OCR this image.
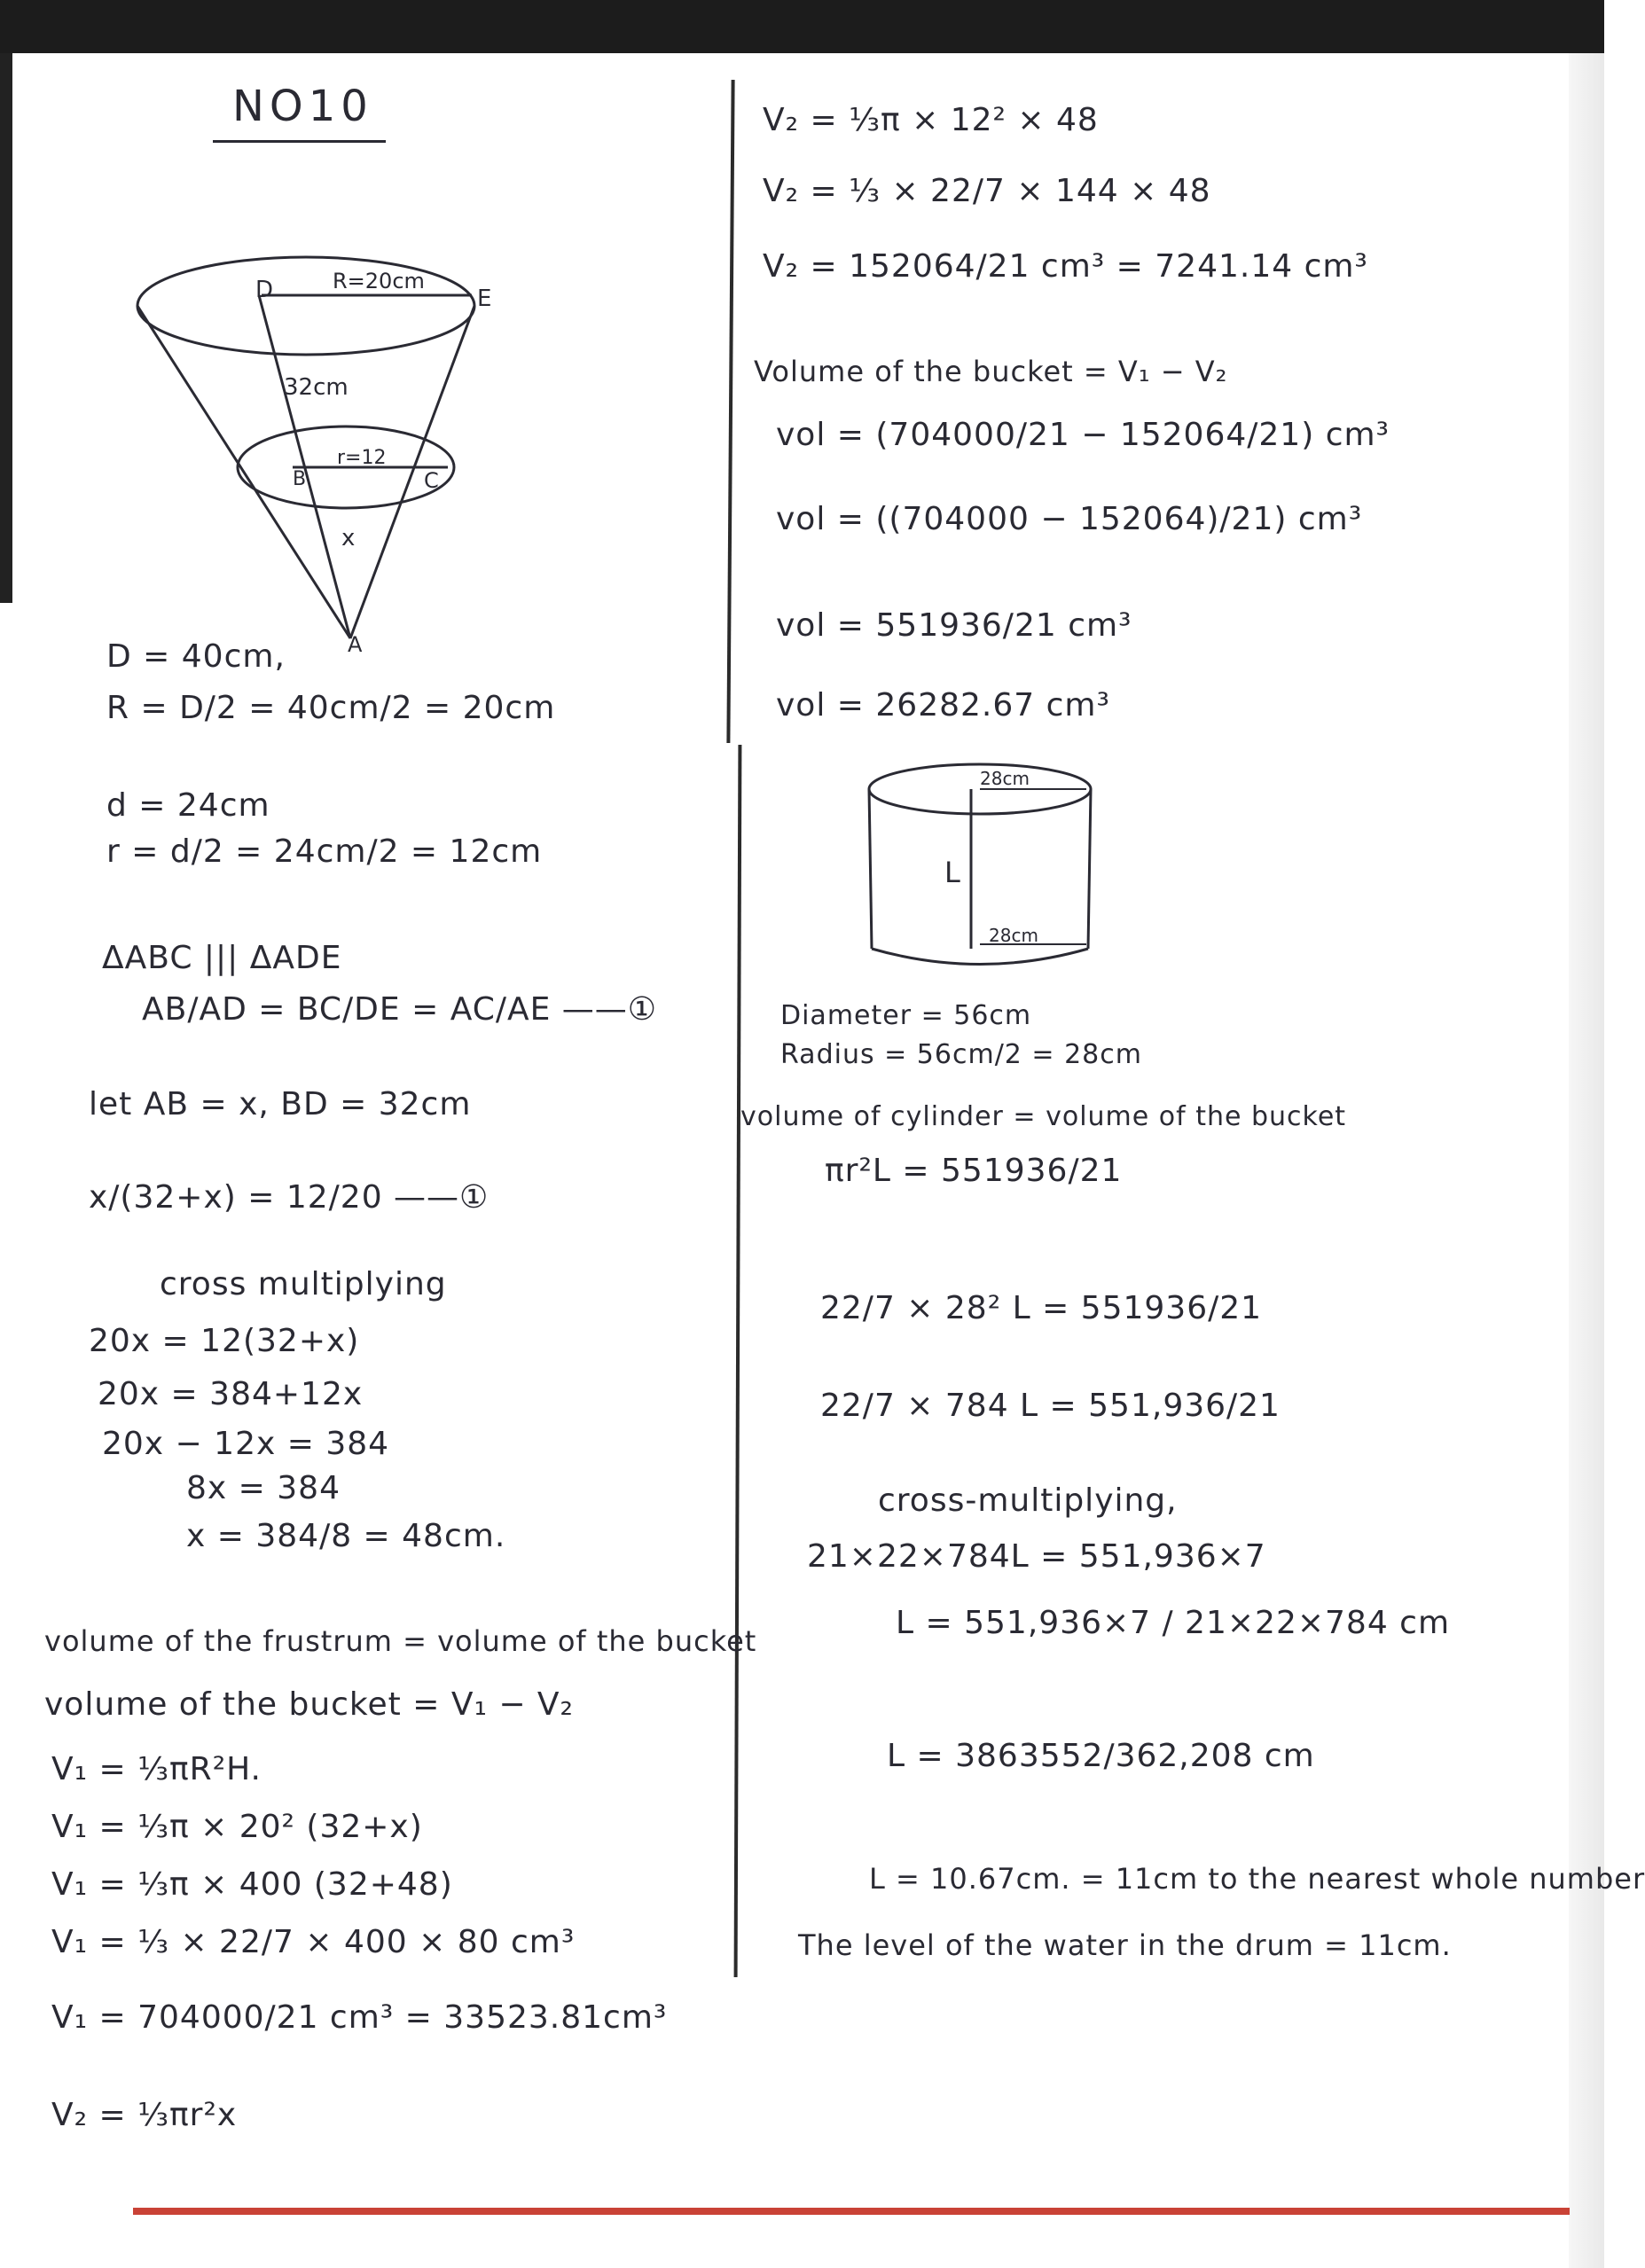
NO10
D	R=20cm
E
32cm
B
r=12
C
x
A
D = 40cm,
R = D/2 = 40cm/2 = 20cm
d = 24cm
r = d/2 = 24cm/2 = 12cm
ΔABC ||| ΔADE
AB/AD = BC/DE = AC/AE ——①
let AB = x, BD = 32cm
x/(32+x) = 12/20 ——①
cross multiplying
20x = 12(32+x)
20x = 384+12x
20x − 12x = 384
8x = 384
x = 384/8 = 48cm.
volume of the frustrum = volume of the bucket
volume of the bucket = V₁ − V₂
V₁ = ⅓πR²H.
V₁ = ⅓π × 20² (32+x)
V₁ = ⅓π × 400 (32+48)
V₁ = ⅓ × 22/7 × 400 × 80 cm³
V₁ = 704000/21 cm³ = 33523.81cm³
V₂ = ⅓πr²x
V₂ = ⅓π × 12² × 48
V₂ = ⅓ × 22/7 × 144 × 48
V₂ = 152064/21 cm³ = 7241.14 cm³
Volume of the bucket = V₁ − V₂
vol = (704000/21 − 152064/21) cm³
vol = ((704000 − 152064)/21) cm³
vol = 551936/21 cm³
vol = 26282.67 cm³
28cm
28cm
L
Diameter = 56cm
Radius = 56cm/2 = 28cm
volume of cylinder = volume of the bucket
πr²L = 551936/21
22/7 × 28² L = 551936/21
22/7 × 784 L = 551,936/21
cross-multiplying,
21×22×784L = 551,936×7
L = 551,936×7 / 21×22×784 cm
L = 3863552/362,208 cm
L = 10.67cm. = 11cm to the nearest whole number
The level of the water in the drum = 11cm.
